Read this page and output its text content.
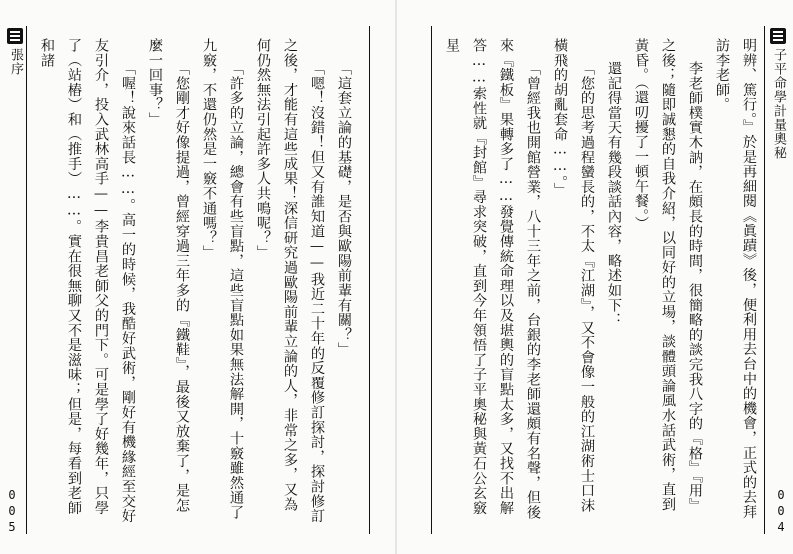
張序	「這套立論的基礎，是否與歐陽前輩有關？」

「嗯！沒錯！但又有誰知道——我近二十年的反覆修訂探討，探討修訂之後，才能有這些成果！深信研究過歐陽前輩立論的人，非常之多，又為何仍然無法引起許多人共鳴呢？」

「許多的立論，總會有些盲點，這些盲點如果無法解開，十竅雖然通了九竅，不還仍然是一竅不通嗎？」

「您剛才好像提過，曾經穿過三年多的『鐵鞋』，最後又放棄了，是怎麼一回事？」

「喔！說來話長……。高一的時候，我酷好武術，剛好有機緣經至交好友引介，投入武林高手——李貴昌老師父的門下。可是學了好幾年，只學了（站樁）和（推手）……。實在很無聊又不是滋味；但是，每看到老師和諸

005

明辨、篤行。』於是再細閱《眞蹟》後，便利用去台中的機會，正式的去拜訪李老師。

李老師樸實木訥，在頗長的時間，很簡略的談完我八字的『格』『用』之後；隨即誠懇的自我介紹，以同好的立場，談體頭論風水話武術，直到黃昏。（還叨擾了一頓午餐。）

還記得當天有幾段談話內容，略述如下：

「您的思考過程蠻長的，不太『江湖』，又不會像一般的江湖術士口沫橫飛的胡亂套命……。」

「曾經我也開館營業，八十三年之前，台銀的李老師還頗有名聲，但後來『鐵板』果轉多了……發覺傳統命理以及堪輿的盲點太多，又找不出解答……索性就『封館』尋求突破，直到今年領悟了子平奧秘與黃石公玄竅星

子平命學計量奧秘
004
